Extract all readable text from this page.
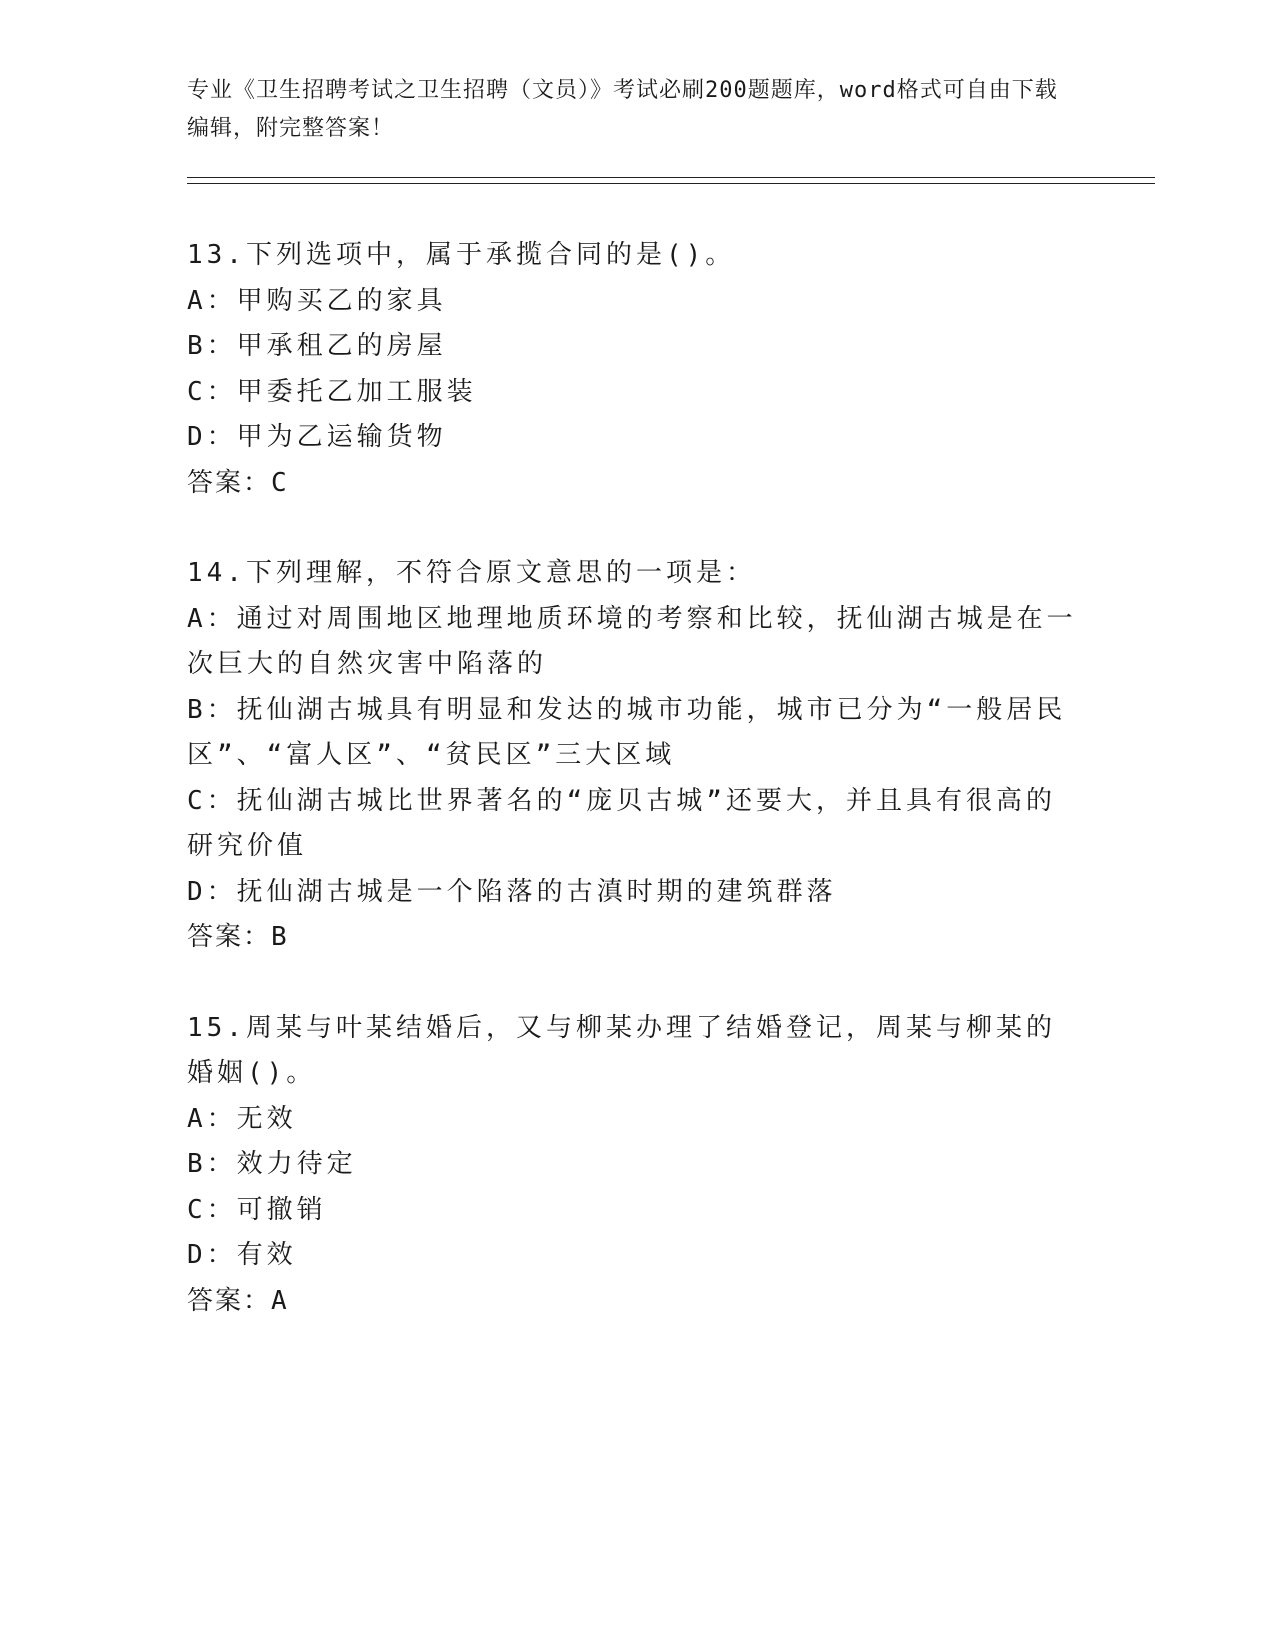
专业《卫生招聘考试之卫生招聘（文员）》考试必刷200题题库，word格式可自由下载编辑，附完整答案！

13.下列选项中，属于承揽合同的是()。

A：甲购买乙的家具

B：甲承租乙的房屋

C：甲委托乙加工服装

D：甲为乙运输货物

答案：C

14.下列理解，不符合原文意思的一项是：

A：通过对周围地区地理地质环境的考察和比较，抚仙湖古城是在一次巨大的自然灾害中陷落的

B：抚仙湖古城具有明显和发达的城市功能，城市已分为“一般居民区”、“富人区”、“贫民区”三大区域

C：抚仙湖古城比世界著名的“庞贝古城”还要大，并且具有很高的研究价值

D：抚仙湖古城是一个陷落的古滇时期的建筑群落

答案：B

15.周某与叶某结婚后，又与柳某办理了结婚登记，周某与柳某的婚姻()。

A：无效

B：效力待定

C：可撤销

D：有效

答案：A
